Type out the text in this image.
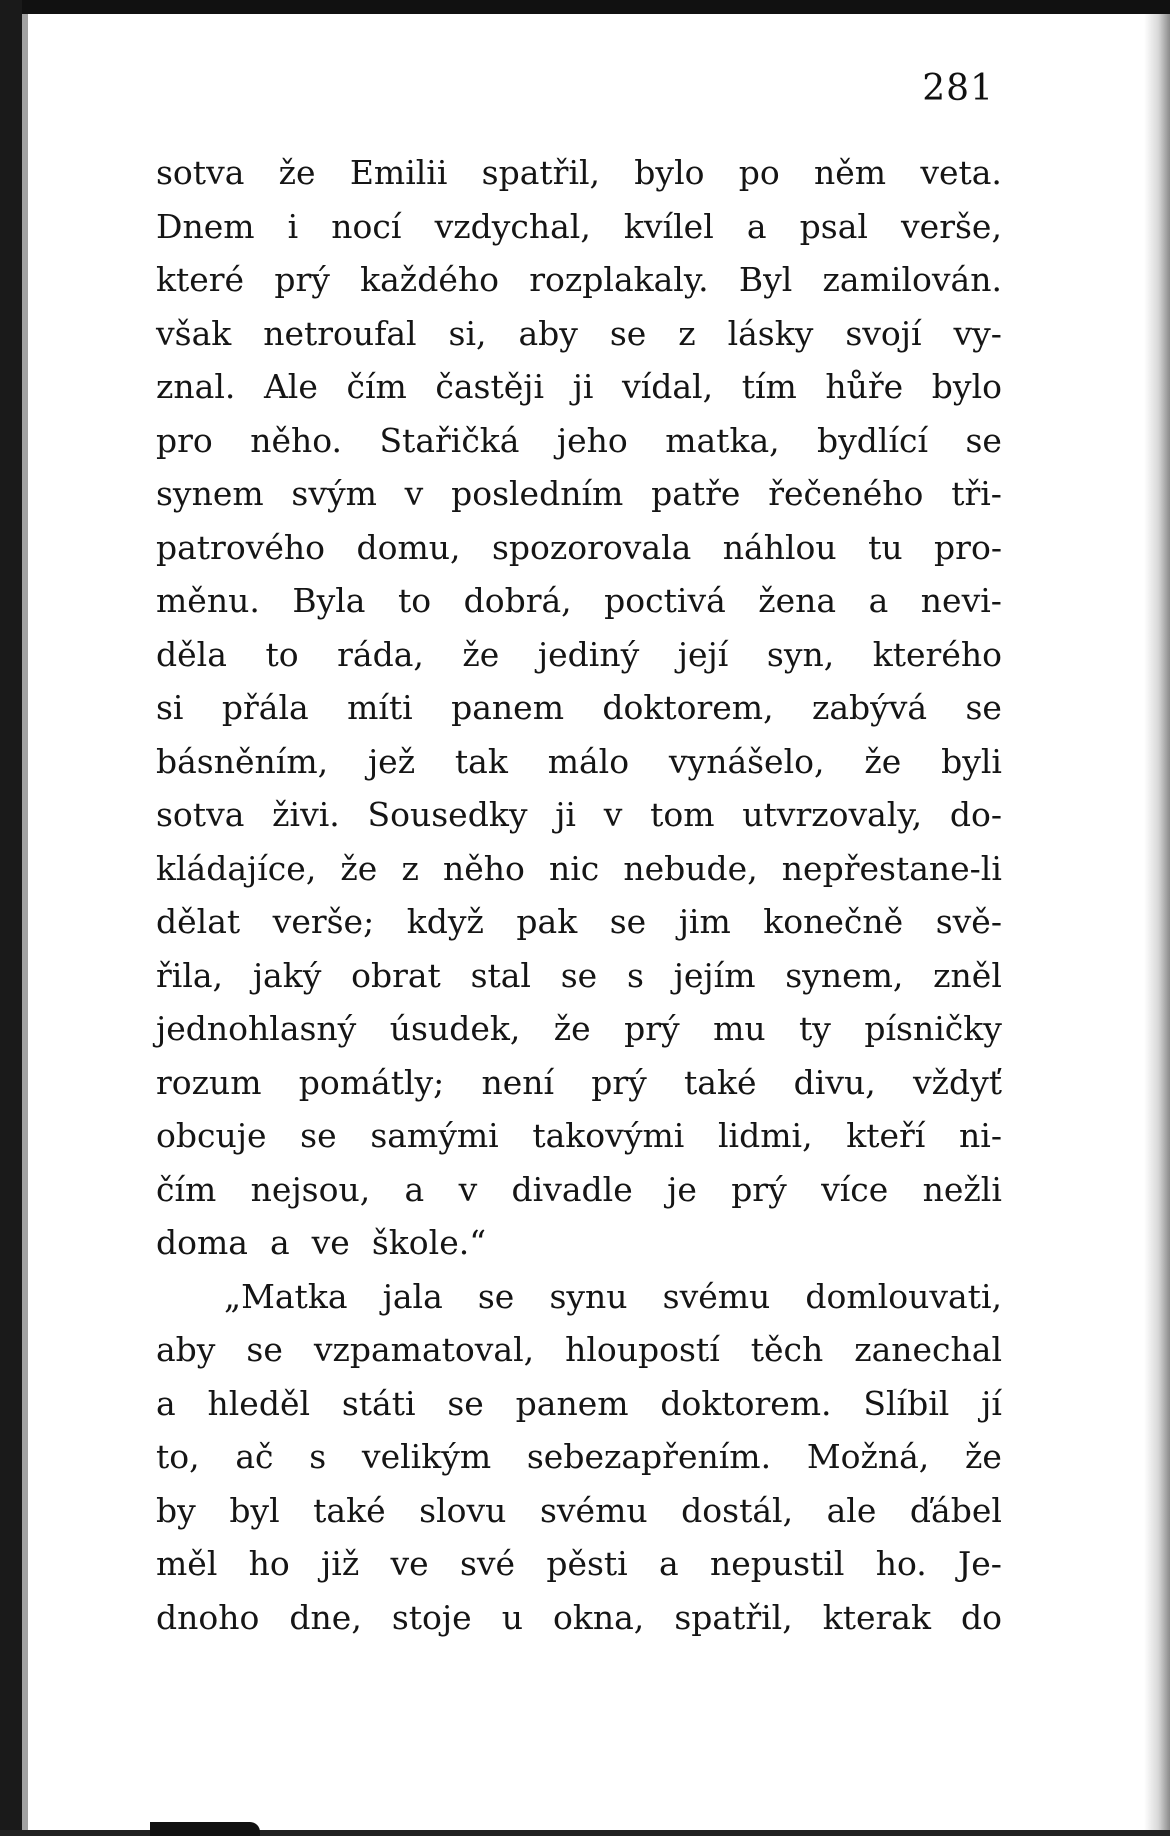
281
sotva že Emilii spatřil, bylo po něm veta.
Dnem i nocí vzdychal, kvílel a psal verše,
které prý každého rozplakaly. Byl zamilován.
však netroufal si, aby se z lásky svojí vy-
znal. Ale čím častěji ji vídal, tím hůře bylo
pro něho. Stařičká jeho matka, bydlící se
synem svým v posledním patře řečeného tři-
patrového domu, spozorovala náhlou tu pro-
měnu. Byla to dobrá, poctivá žena a nevi-
děla to ráda, že jediný její syn, kterého
si přála míti panem doktorem, zabývá se
básněním, jež tak málo vynášelo, že byli
sotva živi. Sousedky ji v tom utvrzovaly, do-
kládajíce, že z něho nic nebude, nepřestane-li
dělat verše; když pak se jim konečně svě-
řila, jaký obrat stal se s jejím synem, zněl
jednohlasný úsudek, že prý mu ty písničky
rozum pomátly; není prý také divu, vždyť
obcuje se samými takovými lidmi, kteří ni-
čím nejsou, a v divadle je prý více nežli
doma a ve škole.“
„Matka jala se synu svému domlouvati,
aby se vzpamatoval, hloupostí těch zanechal
a hleděl státi se panem doktorem. Slíbil jí
to, ač s velikým sebezapřením. Možná, že
by byl také slovu svému dostál, ale ďábel
měl ho již ve své pěsti a nepustil ho. Je-
dnoho dne, stoje u okna, spatřil, kterak do
